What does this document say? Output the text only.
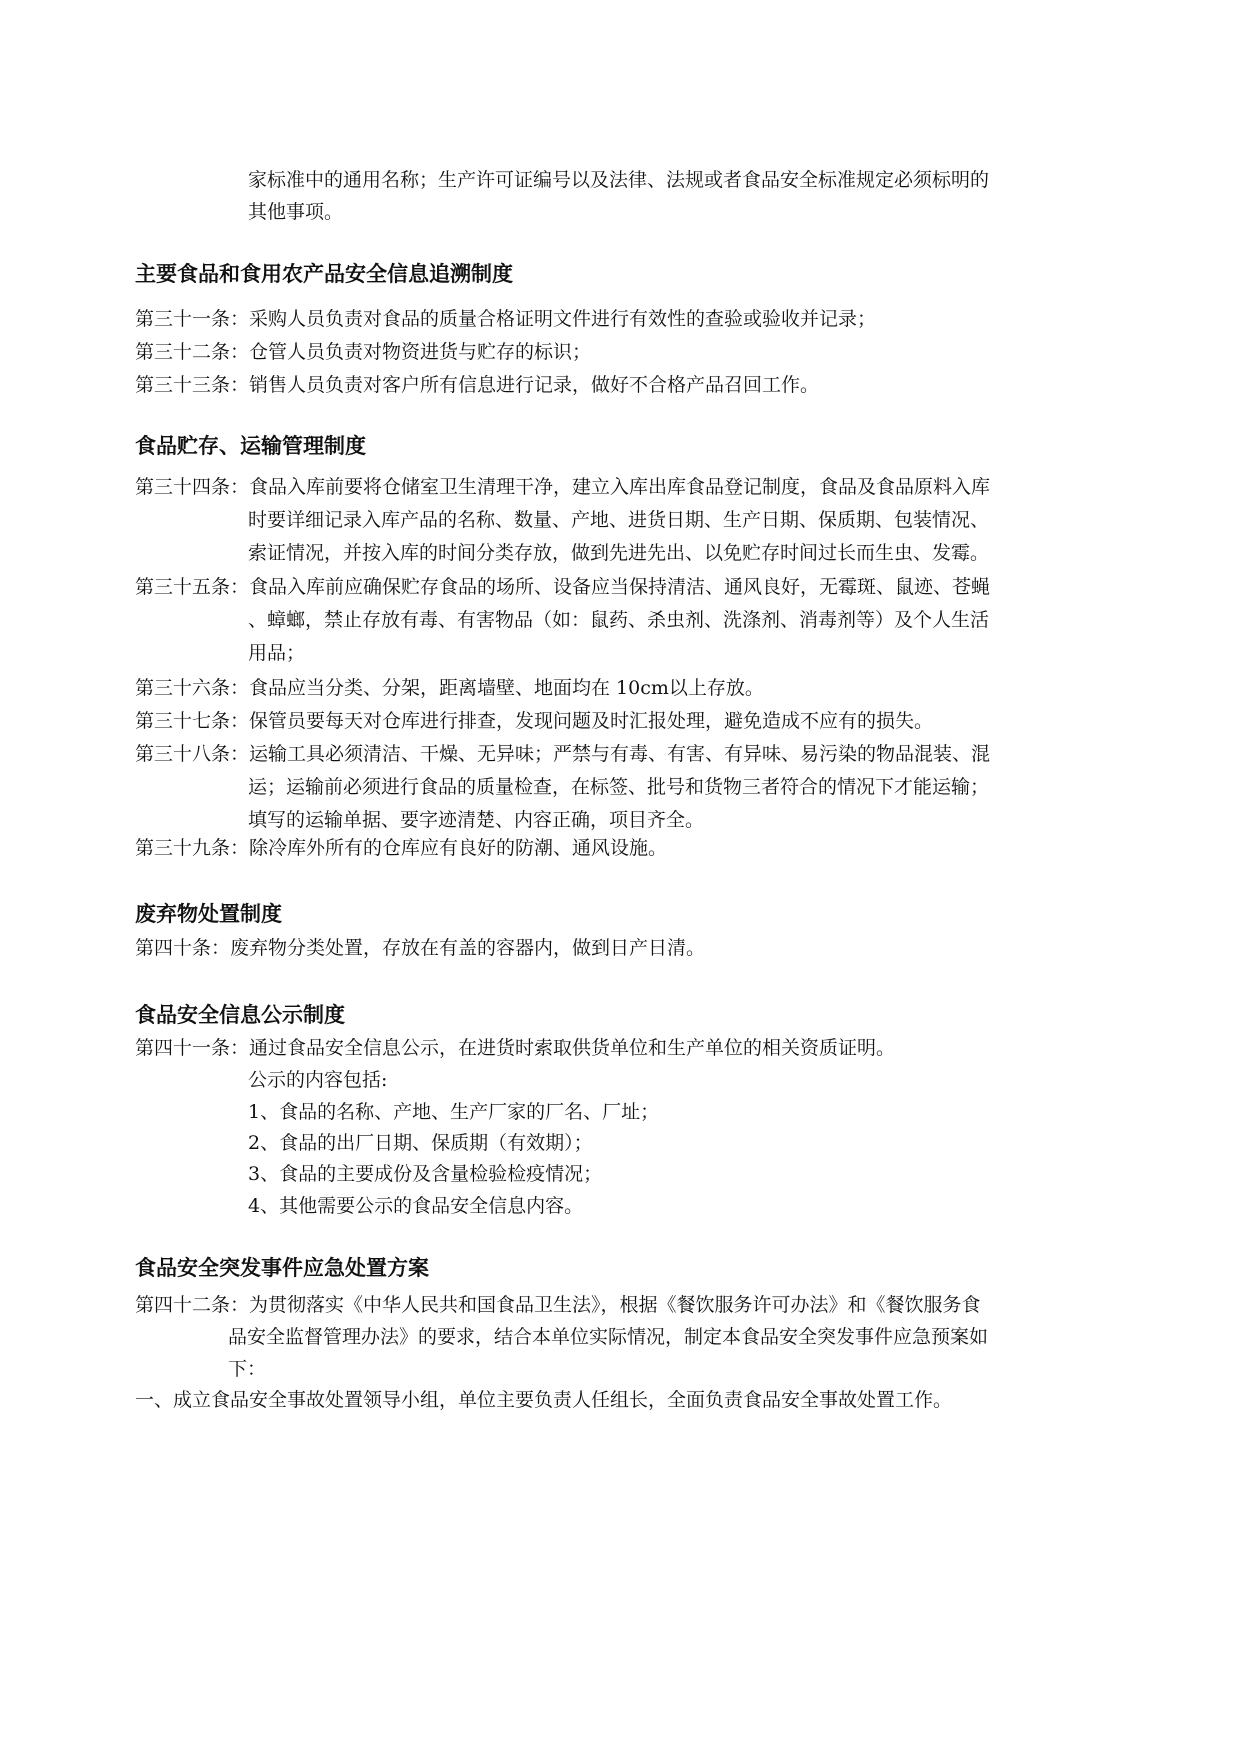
家标准中的通用名称；生产许可证编号以及法律、法规或者食品安全标准规定必须标明的
其他事项。
主要食品和食用农产品安全信息追溯制度
第三十一条：采购人员负责对食品的质量合格证明文件进行有效性的查验或验收并记录；
第三十二条：仓管人员负责对物资进货与贮存的标识；
第三十三条：销售人员负责对客户所有信息进行记录，做好不合格产品召回工作。
食品贮存、运输管理制度
第三十四条：食品入库前要将仓储室卫生清理干净，建立入库出库食品登记制度，食品及食品原料入库
时要详细记录入库产品的名称、数量、产地、进货日期、生产日期、保质期、包装情况、
索证情况，并按入库的时间分类存放，做到先进先出、以免贮存时间过长而生虫、发霉。
第三十五条：食品入库前应确保贮存食品的场所、设备应当保持清洁、通风良好，无霉斑、鼠迹、苍蝇
、蟑螂，禁止存放有毒、有害物品（如：鼠药、杀虫剂、洗涤剂、消毒剂等）及个人生活
用品；
第三十六条：食品应当分类、分架，距离墙壁、地面均在 10cm以上存放。
第三十七条：保管员要每天对仓库进行排查，发现问题及时汇报处理，避免造成不应有的损失。
第三十八条：运输工具必须清洁、干燥、无异味；严禁与有毒、有害、有异味、易污染的物品混装、混
运；运输前必须进行食品的质量检查，在标签、批号和货物三者符合的情况下才能运输；
填写的运输单据、要字迹清楚、内容正确，项目齐全。
第三十九条：除冷库外所有的仓库应有良好的防潮、通风设施。
废弃物处置制度
第四十条：废弃物分类处置，存放在有盖的容器内，做到日产日清。
食品安全信息公示制度
第四十一条：通过食品安全信息公示，在进货时索取供货单位和生产单位的相关资质证明。
公示的内容包括:
1、食品的名称、产地、生产厂家的厂名、厂址；
2、食品的出厂日期、保质期（有效期）；
3、食品的主要成份及含量检验检疫情况；
4、其他需要公示的食品安全信息内容。
食品安全突发事件应急处置方案
第四十二条：为贯彻落实《中华人民共和国食品卫生法》，根据《餐饮服务许可办法》和《餐饮服务食
品安全监督管理办法》的要求，结合本单位实际情况，制定本食品安全突发事件应急预案如
下：
一、成立食品安全事故处置领导小组，单位主要负责人任组长，全面负责食品安全事故处置工作。
